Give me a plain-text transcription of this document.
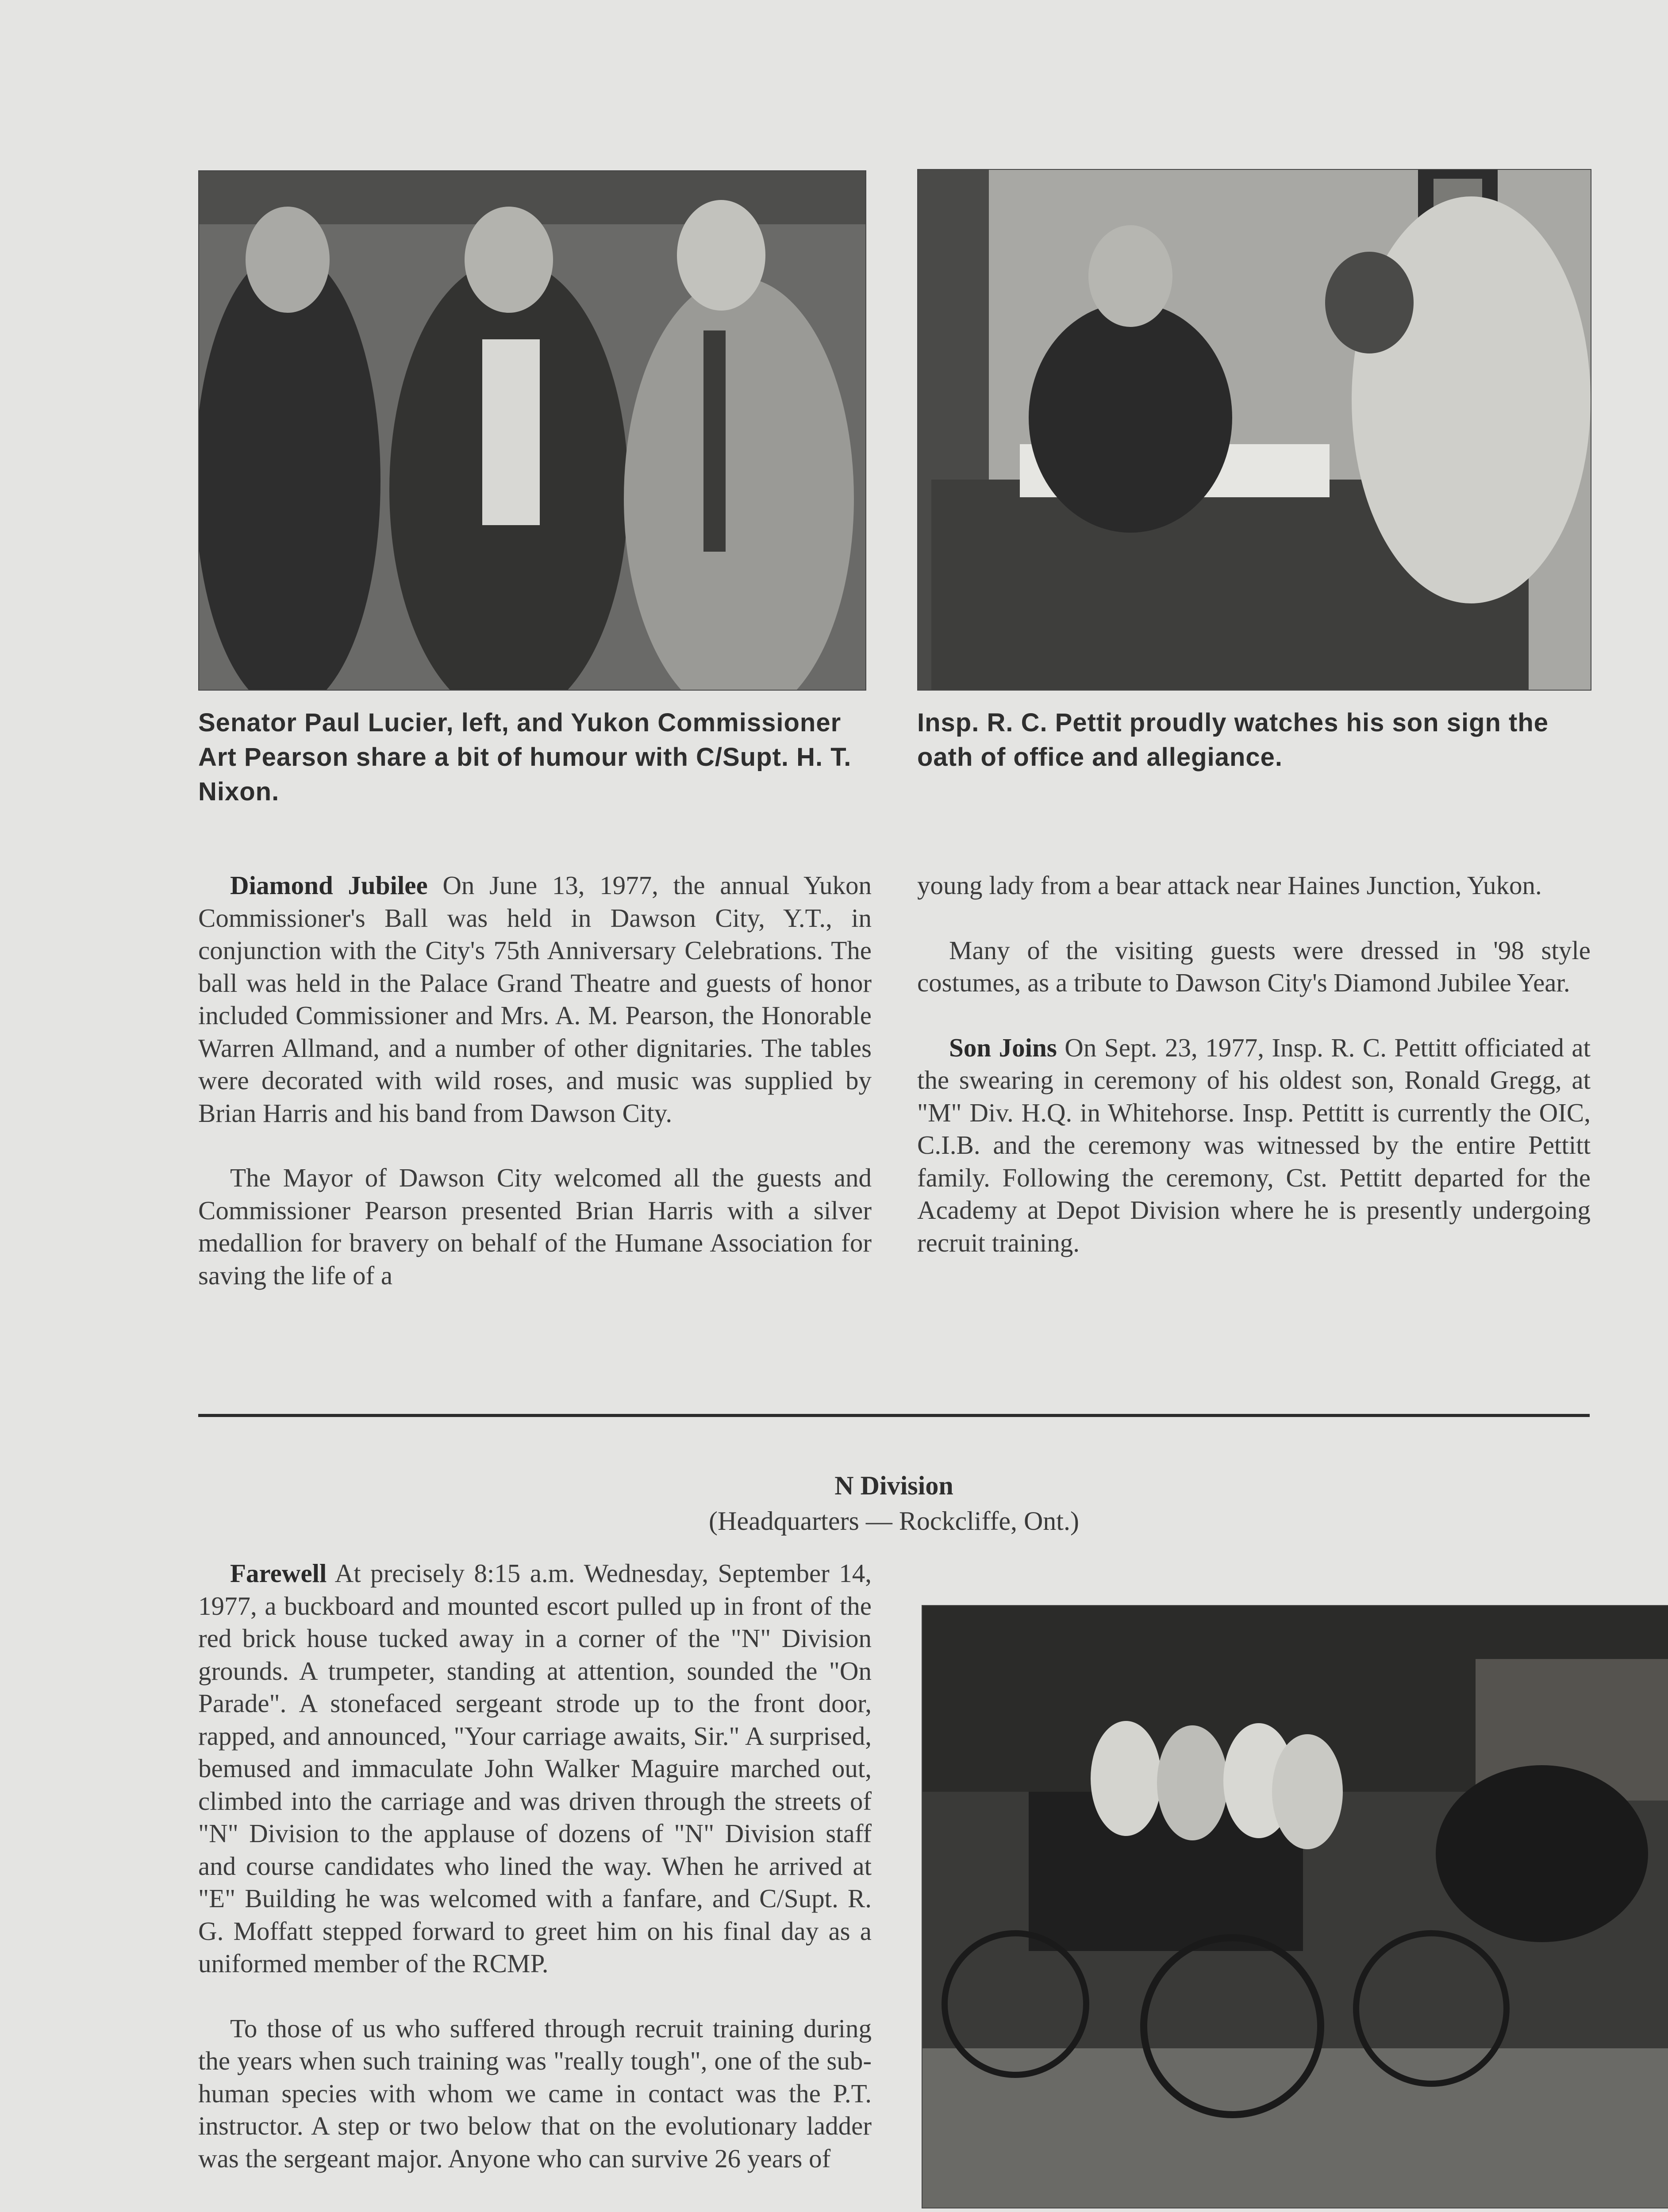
Senator Paul Lucier, left, and Yukon Commissioner Art Pearson share a bit of humour with C/Supt. H. T. Nixon.
Insp. R. C. Pettit proudly watches his son sign the oath of office and allegiance.

Diamond Jubilee On June 13, 1977, the annual Yukon Commissioner's Ball was held in Dawson City, Y.T., in conjunction with the City's 75th Anniversary Celebrations. The ball was held in the Palace Grand Theatre and guests of honor included Commissioner and Mrs. A. M. Pearson, the Honorable Warren Allmand, and a number of other dignitaries. The tables were decorated with wild roses, and music was supplied by Brian Harris and his band from Dawson City.

The Mayor of Dawson City welcomed all the guests and Commissioner Pearson presented Brian Harris with a silver medallion for bravery on behalf of the Humane Association for saving the life of a

young lady from a bear attack near Haines Junction, Yukon.

Many of the visiting guests were dressed in '98 style costumes, as a tribute to Dawson City's Diamond Jubilee Year.

Son Joins On Sept. 23, 1977, Insp. R. C. Pettitt officiated at the swearing in ceremony of his oldest son, Ronald Gregg, at "M" Div. H.Q. in Whitehorse. Insp. Pettitt is currently the OIC, C.I.B. and the ceremony was witnessed by the entire Pettitt family. Following the ceremony, Cst. Pettitt departed for the Academy at Depot Division where he is presently undergoing recruit training.

N Division
(Headquarters — Rockcliffe, Ont.)

Farewell At precisely 8:15 a.m. Wednesday, September 14, 1977, a buckboard and mounted escort pulled up in front of the red brick house tucked away in a corner of the "N" Division grounds. A trumpeter, standing at attention, sounded the "On Parade". A stonefaced sergeant strode up to the front door, rapped, and announced, "Your carriage awaits, Sir." A surprised, bemused and immaculate John Walker Maguire marched out, climbed into the carriage and was driven through the streets of "N" Division to the applause of dozens of "N" Division staff and course candidates who lined the way. When he arrived at "E" Building he was welcomed with a fanfare, and C/Supt. R. G. Moffatt stepped forward to greet him on his final day as a uniformed member of the RCMP.

To those of us who suffered through recruit training during the years when such training was "really tough", one of the sub-human species with whom we came in contact was the P.T. instructor. A step or two below that on the evolutionary ladder was the sergeant major. Anyone who can survive 26 years of
